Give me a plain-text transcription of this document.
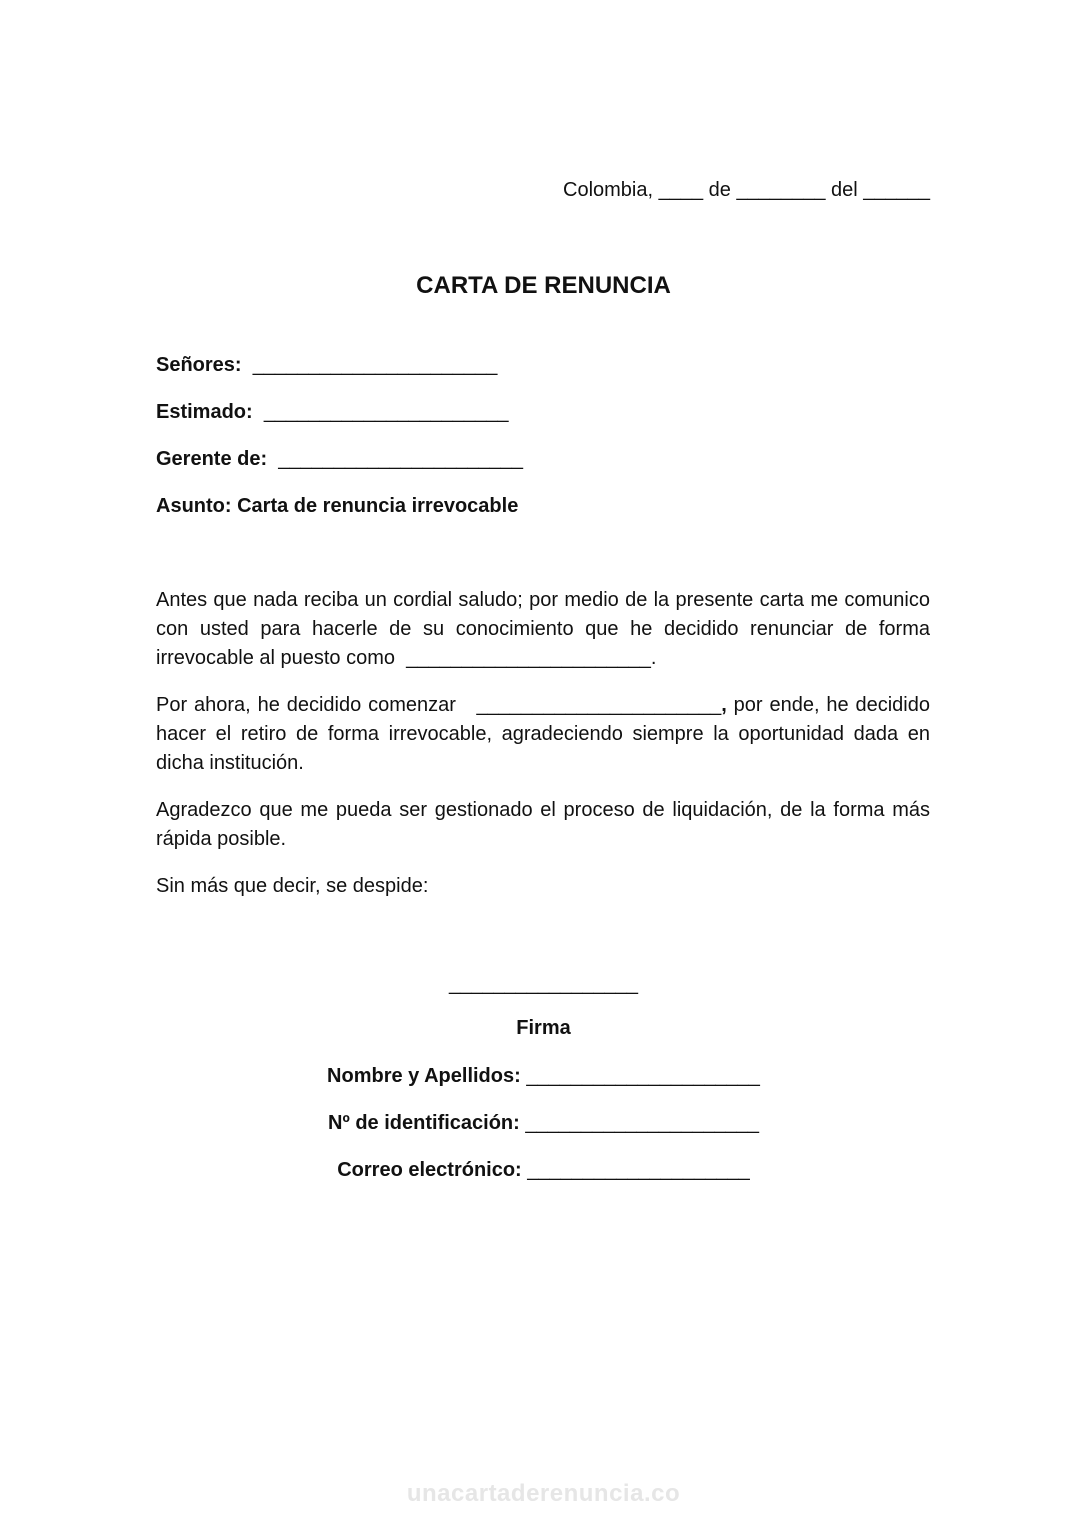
Colombia, ____ de ________ del ______
CARTA DE RENUNCIA
Señores: ______________________
Estimado: ______________________
Gerente de: ______________________
Asunto: Carta de renuncia irrevocable

Antes que nada reciba un cordial saludo; por medio de la presente carta me comunico con usted para hacerle de su conocimiento que he decidido renunciar de forma irrevocable al puesto como ______________________.

Por ahora, he decidido comenzar ______________________, por ende, he decidido hacer el retiro de forma irrevocable, agradeciendo siempre la oportunidad dada en dicha institución.

Agradezco que me pueda ser gestionado el proceso de liquidación, de la forma más rápida posible.
Sin más que decir, se despide:
_________________
Firma
Nombre y Apellidos: _____________________
Nº de identificación: _____________________
Correo electrónico: ____________________
unacartaderenuncia.co
